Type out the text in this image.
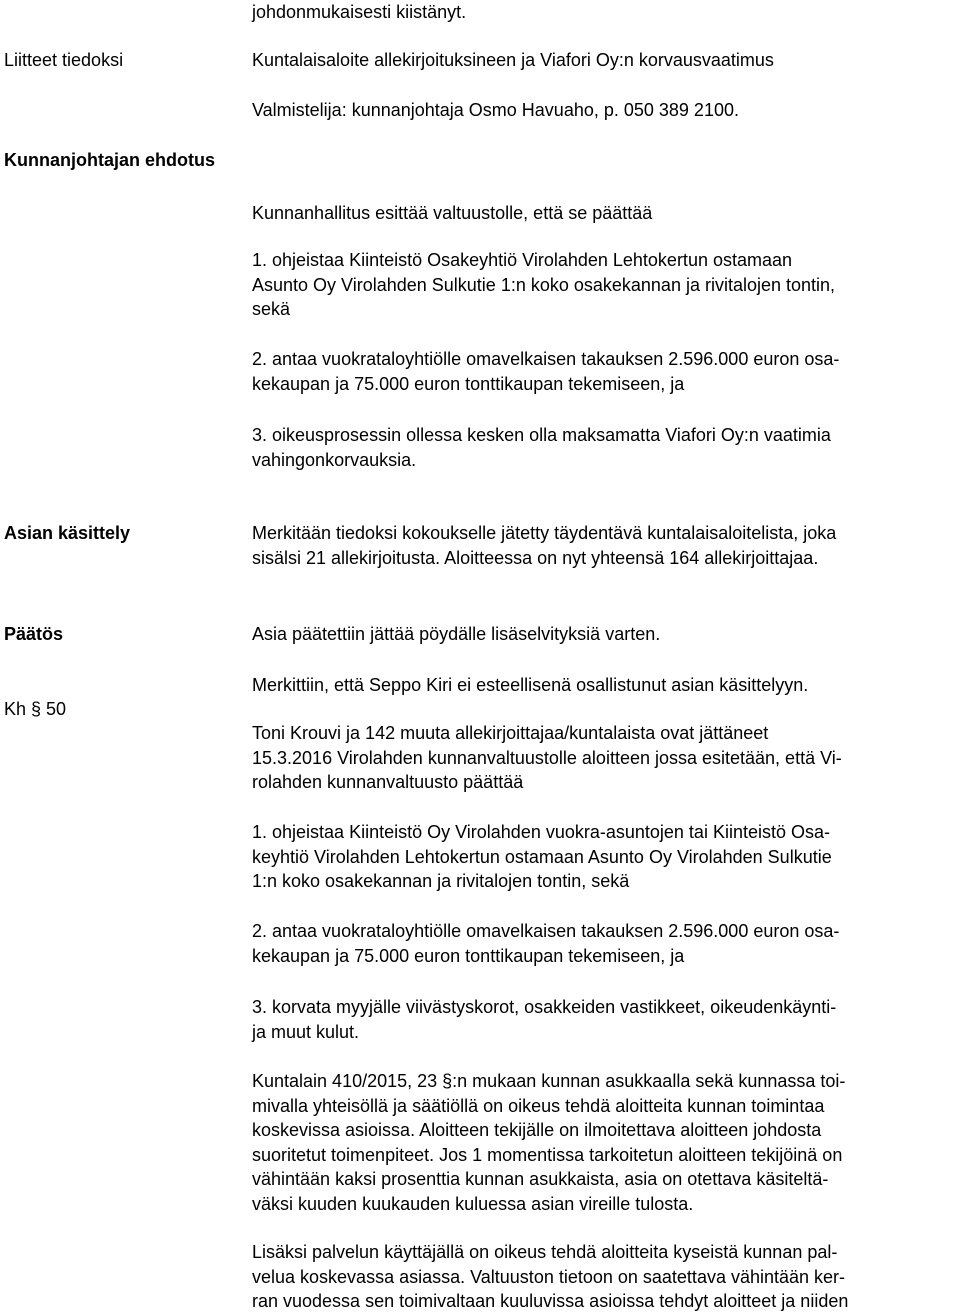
Liitteet tiedoksi
Kunnanjohtajan ehdotus
Asian käsittely
Päätös
Kh § 50
johdonmukaisesti kiistänyt.
Kuntalaisaloite allekirjoituksineen ja Viafori Oy:n korvausvaatimus
Valmistelija: kunnanjohtaja Osmo Havuaho, p. 050 389 2100.
Kunnanhallitus esittää valtuustolle, että se päättää
1. ohjeistaa Kiinteistö Osakeyhtiö Virolahden Lehtokertun ostamaan
Asunto Oy Virolahden Sulkutie 1:n koko osakekannan ja rivitalojen tontin,
sekä
2. antaa vuokrataloyhtiölle omavelkaisen takauksen 2.596.000 euron osa-
kekaupan ja 75.000 euron tonttikaupan tekemiseen, ja
3. oikeusprosessin ollessa kesken olla maksamatta Viafori Oy:n vaatimia
vahingonkorvauksia.
Merkitään tiedoksi kokoukselle jätetty täydentävä kuntalaisaloitelista, joka
sisälsi 21 allekirjoitusta. Aloitteessa on nyt yhteensä 164 allekirjoittajaa.
Asia päätettiin jättää pöydälle lisäselvityksiä varten.
Merkittiin, että Seppo Kiri ei esteellisenä osallistunut asian käsittelyyn.
Toni Krouvi ja 142 muuta allekirjoittajaa/kuntalaista ovat jättäneet
15.3.2016 Virolahden kunnanvaltuustolle aloitteen jossa esitetään, että Vi-
rolahden kunnanvaltuusto päättää
1. ohjeistaa Kiinteistö Oy Virolahden vuokra-asuntojen tai Kiinteistö Osa-
keyhtiö Virolahden Lehtokertun ostamaan Asunto Oy Virolahden Sulkutie
1:n koko osakekannan ja rivitalojen tontin, sekä
2. antaa vuokrataloyhtiölle omavelkaisen takauksen 2.596.000 euron osa-
kekaupan ja 75.000 euron tonttikaupan tekemiseen, ja
3. korvata myyjälle viivästyskorot, osakkeiden vastikkeet, oikeudenkäynti-
ja muut kulut.
Kuntalain 410/2015, 23 §:n mukaan kunnan asukkaalla sekä kunnassa toi-
mivalla yhteisöllä ja säätiöllä on oikeus tehdä aloitteita kunnan toimintaa
koskevissa asioissa. Aloitteen tekijälle on ilmoitettava aloitteen johdosta
suoritetut toimenpiteet. Jos 1 momentissa tarkoitetun aloitteen tekijöinä on
vähintään kaksi prosenttia kunnan asukkaista, asia on otettava käsiteltä-
väksi kuuden kuukauden kuluessa asian vireille tulosta.
Lisäksi palvelun käyttäjällä on oikeus tehdä aloitteita kyseistä kunnan pal-
velua koskevassa asiassa. Valtuuston tietoon on saatettava vähintään ker-
ran vuodessa sen toimivaltaan kuuluvissa asioissa tehdyt aloitteet ja niiden
